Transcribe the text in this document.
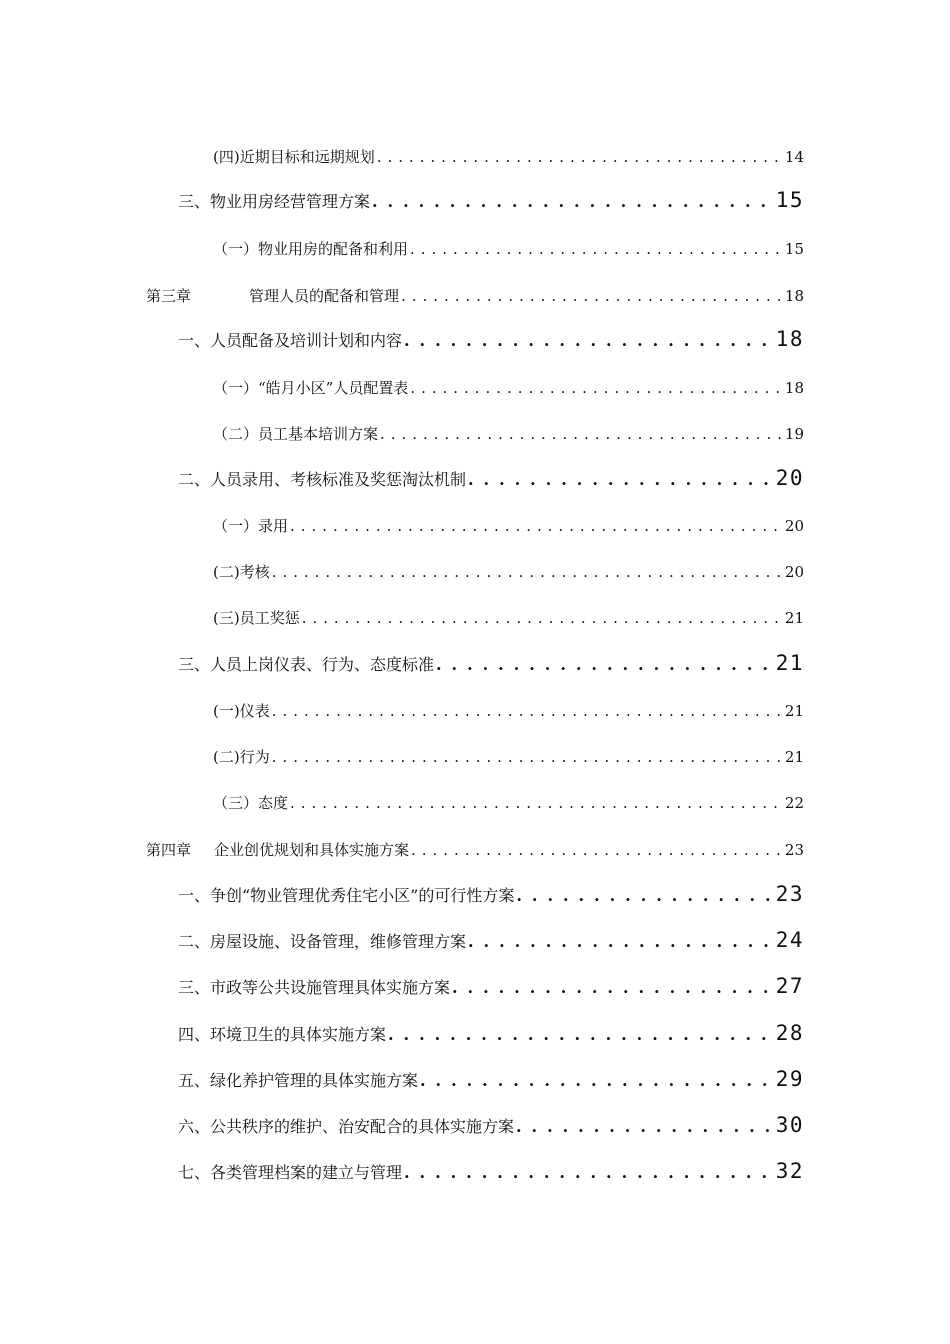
(四)近期目标和远期规划 . . .	14
三、物业用房经营管理方案 . . .	15
（一）物业用房的配备和利用 . . .	15
第三章	管理人员的配备和管理 . . .	18
一、人员配备及培训计划和内容 . . .	18
（一）“皓月小区”人员配置表 . . .	18
（二）员工基本培训方案 . . .	19
二、人员录用、考核标准及奖惩淘汰机制 . . .	20
（一）录用 . . .	20
(二)考核 . . .	20
(三)员工奖惩 . . .	21
三、人员上岗仪表、行为、态度标准 . . .	21
(一)仪表 . . .	21
(二)行为 . . .	21
（三）态度 . . .	22
第四章 企业创优规划和具体实施方案 . . .	23
一、争创“物业管理优秀住宅小区”的可行性方案 . . .	23
二、房屋设施、设备管理，维修管理方案 . . .	24
三、市政等公共设施管理具体实施方案 . . .	27
四、环境卫生的具体实施方案 . . .	28
五、绿化养护管理的具体实施方案 . . .	29
六、公共秩序的维护、治安配合的具体实施方案 . . .	30
七、各类管理档案的建立与管理 . . .	32
